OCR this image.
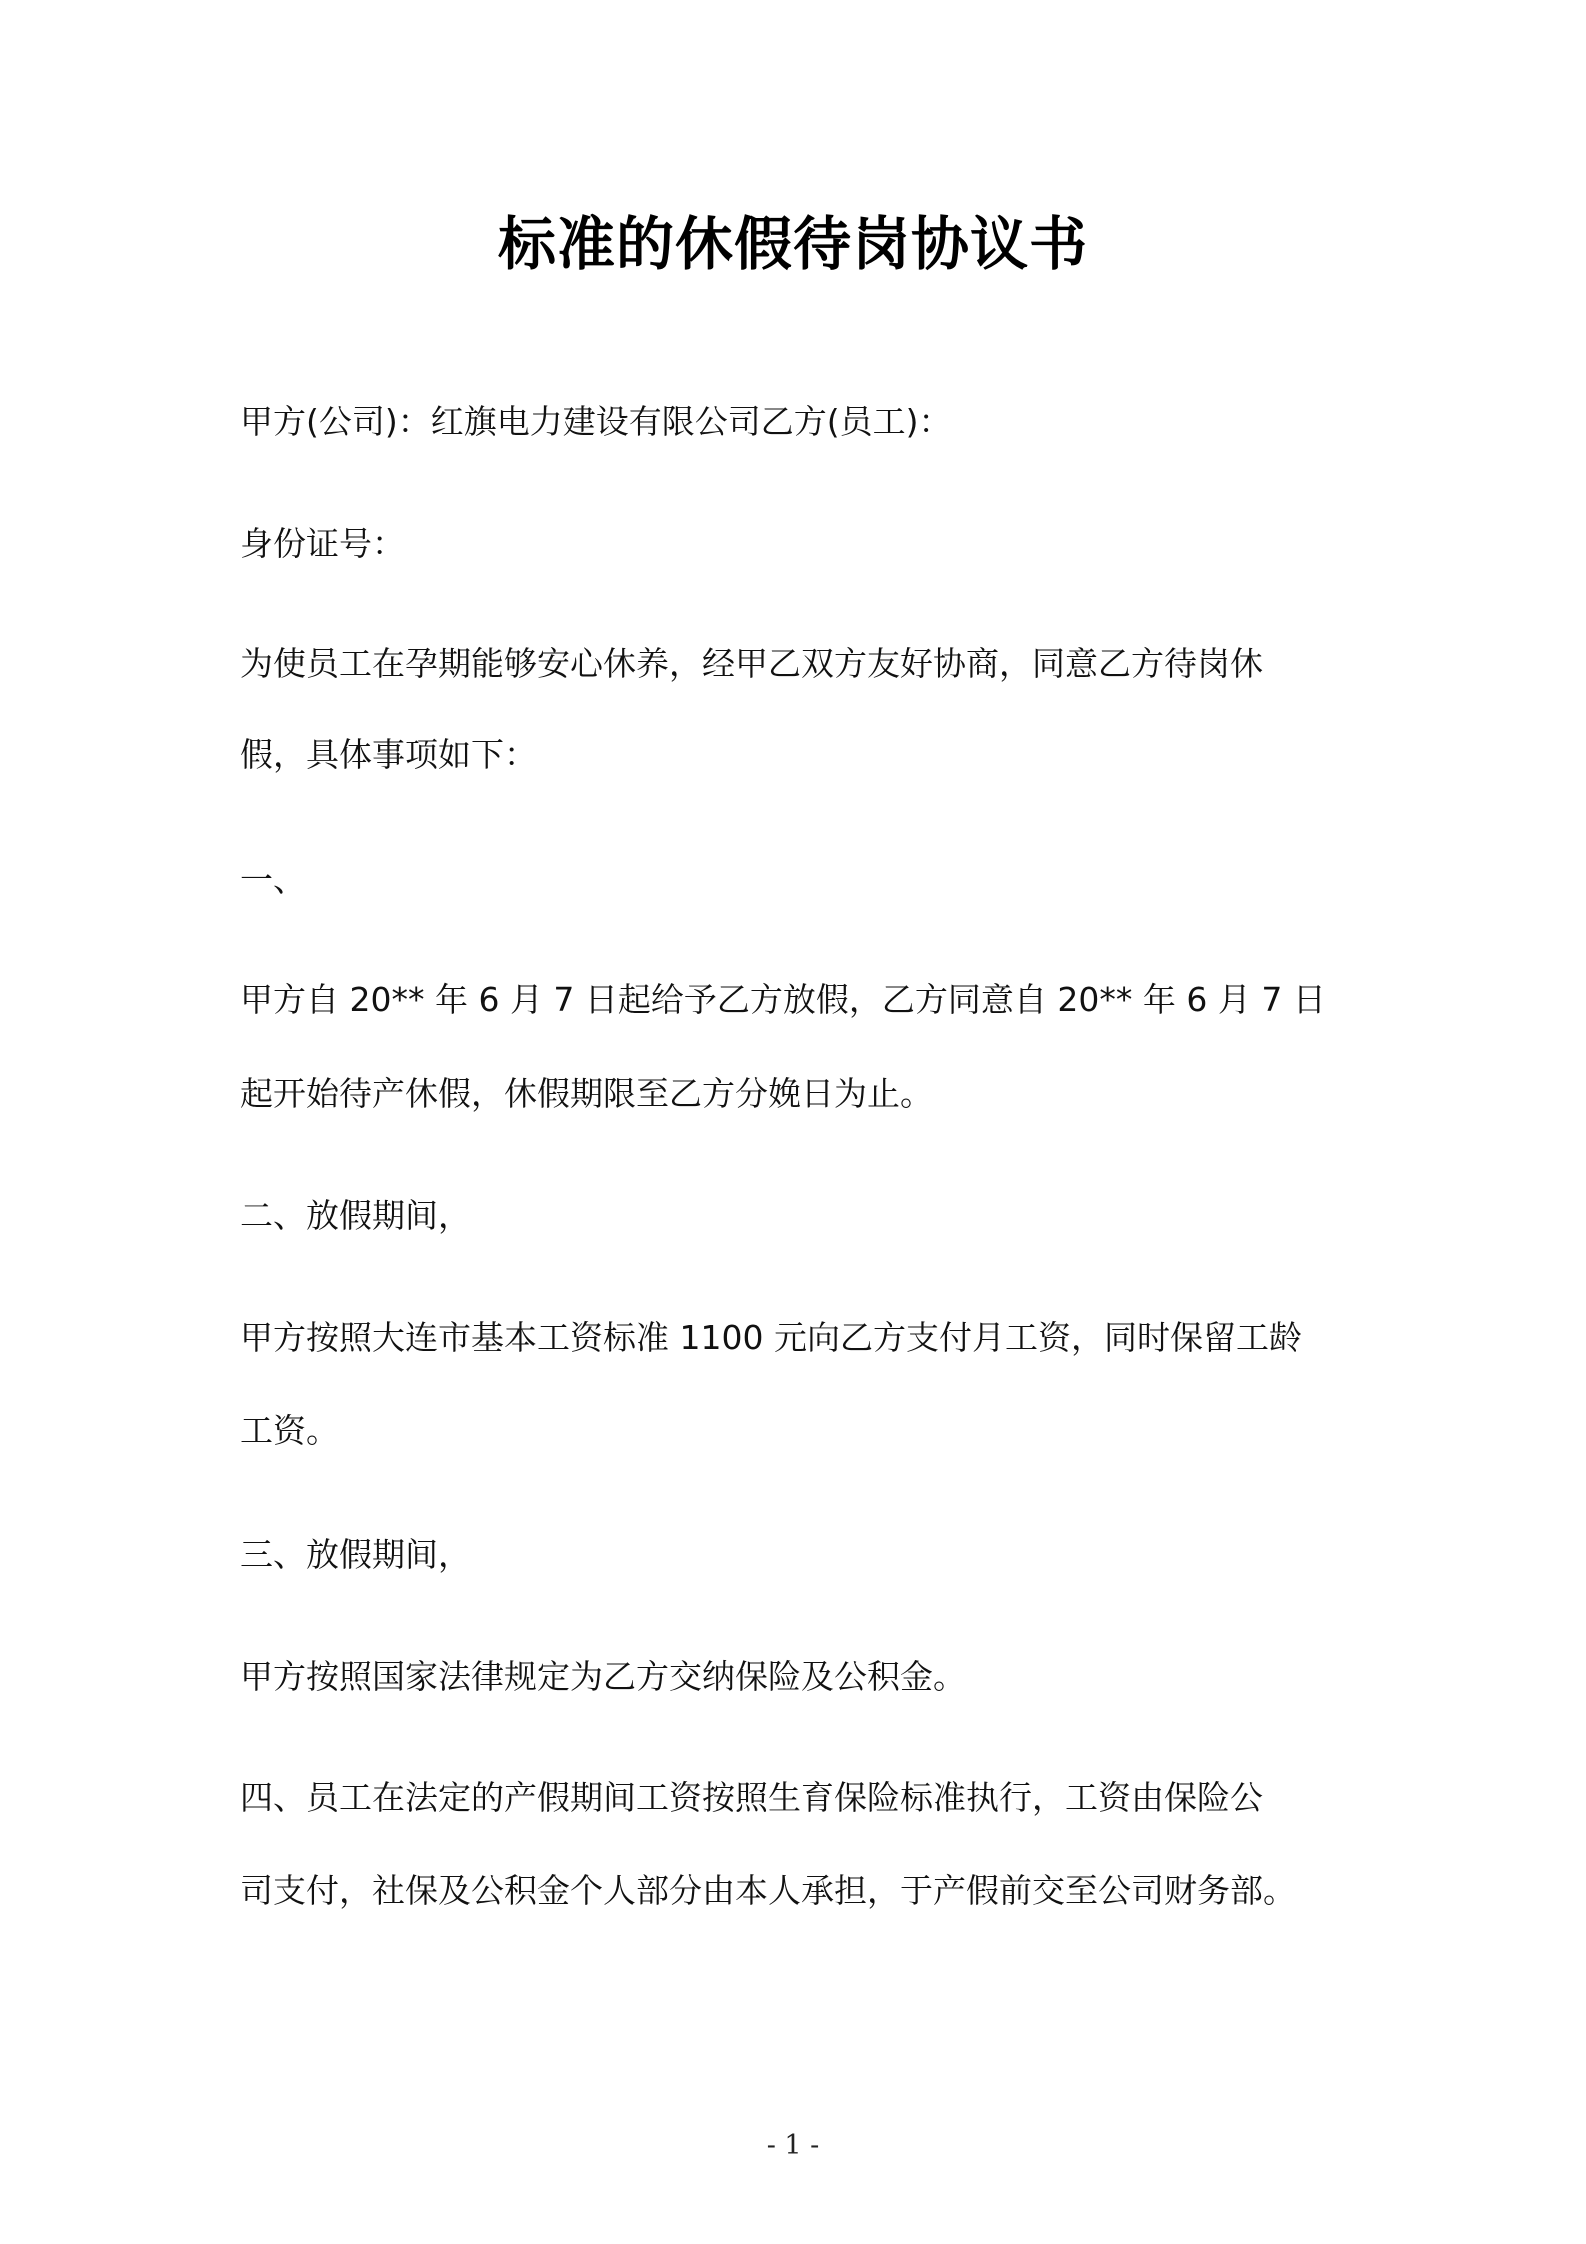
标准的休假待岗协议书
甲方(公司)：红旗电力建设有限公司乙方(员工)：
身份证号：
为使员工在孕期能够安心休养，经甲乙双方友好协商，同意乙方待岗休
假，具体事项如下：
一、
甲方自 20** 年 6 月 7 日起给予乙方放假，乙方同意自 20** 年 6 月 7 日
起开始待产休假，休假期限至乙方分娩日为止。
二、放假期间，
甲方按照大连市基本工资标准 1100 元向乙方支付月工资，同时保留工龄
工资。
三、放假期间，
甲方按照国家法律规定为乙方交纳保险及公积金。
四、员工在法定的产假期间工资按照生育保险标准执行，工资由保险公
司支付，社保及公积金个人部分由本人承担，于产假前交至公司财务部。
- 1 -
